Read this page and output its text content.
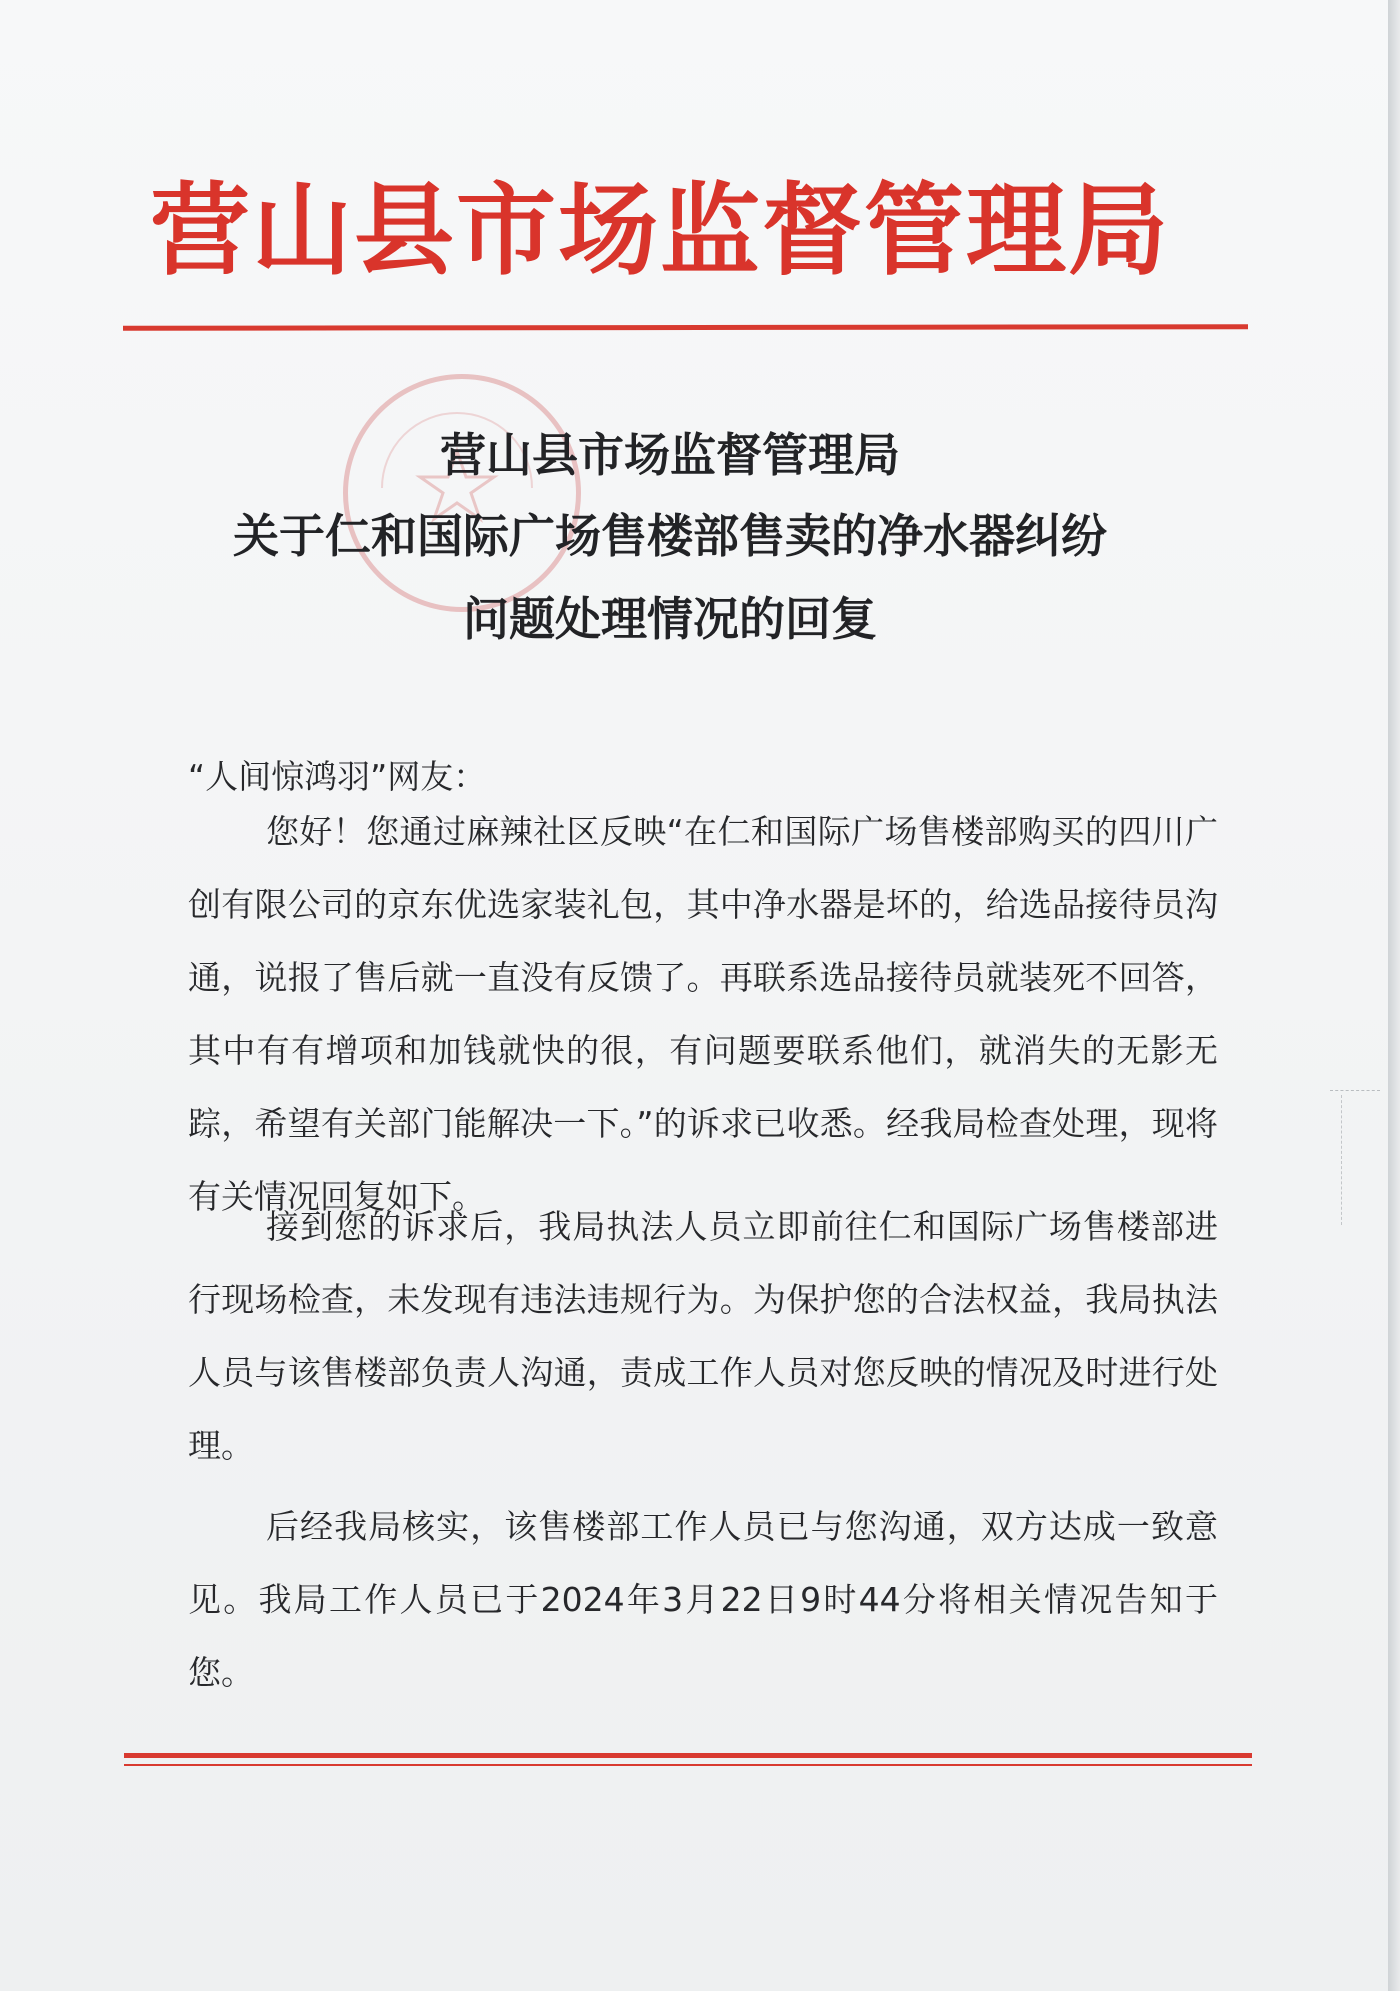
营山县市场监督管理局
营山县市场监督管理局
关于仁和国际广场售楼部售卖的净水器纠纷
问题处理情况的回复
“人间惊鸿羽”网友：
您好！您通过麻辣社区反映“在仁和国际广场售楼部购买的四川广创有限公司的京东优选家装礼包，其中净水器是坏的，给选品接待员沟通，说报了售后就一直没有反馈了。再联系选品接待员就装死不回答，其中有有增项和加钱就快的很，有问题要联系他们，就消失的无影无踪，希望有关部门能解决一下。”的诉求已收悉。经我局检查处理，现将有关情况回复如下。
接到您的诉求后，我局执法人员立即前往仁和国际广场售楼部进行现场检查，未发现有违法违规行为。为保护您的合法权益，我局执法人员与该售楼部负责人沟通，责成工作人员对您反映的情况及时进行处理。
后经我局核实，该售楼部工作人员已与您沟通，双方达成一致意见。我局工作人员已于2024年3月22日9时44分将相关情况告知于您。
